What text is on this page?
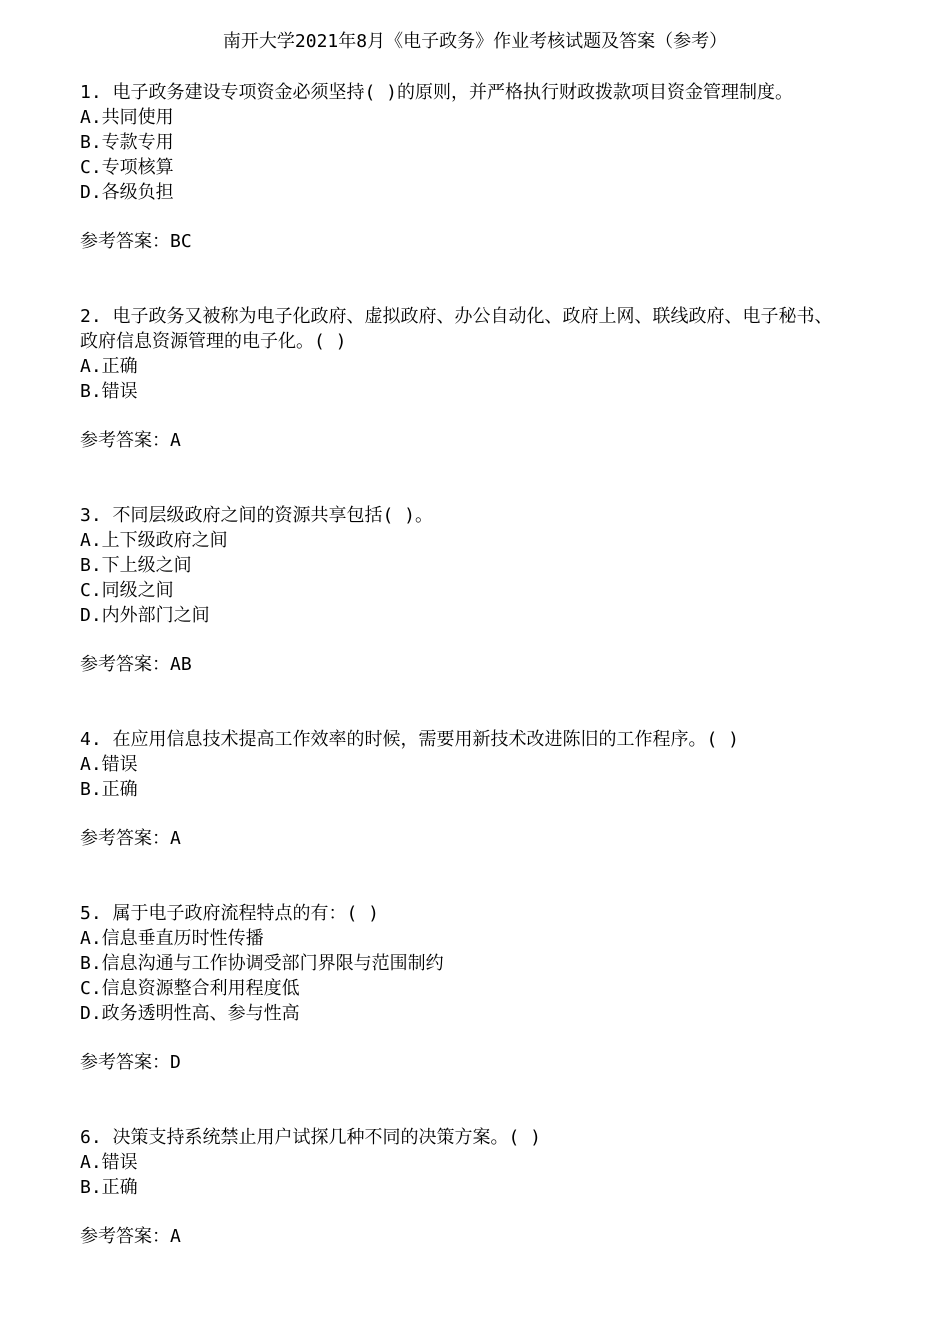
南开大学2021年8月《电子政务》作业考核试题及答案（参考）
1. 电子政务建设专项资金必须坚持( )的原则，并严格执行财政拨款项目资金管理制度。
A.共同使用
B.专款专用
C.专项核算
D.各级负担
参考答案：BC
2. 电子政务又被称为电子化政府、虚拟政府、办公自动化、政府上网、联线政府、电子秘书、
政府信息资源管理的电子化。( )
A.正确
B.错误
参考答案：A
3. 不同层级政府之间的资源共享包括( )。
A.上下级政府之间
B.下上级之间
C.同级之间
D.内外部门之间
参考答案：AB
4. 在应用信息技术提高工作效率的时候，需要用新技术改进陈旧的工作程序。( )
A.错误
B.正确
参考答案：A
5. 属于电子政府流程特点的有：( )
A.信息垂直历时性传播
B.信息沟通与工作协调受部门界限与范围制约
C.信息资源整合利用程度低
D.政务透明性高、参与性高
参考答案：D
6. 决策支持系统禁止用户试探几种不同的决策方案。( )
A.错误
B.正确
参考答案：A
